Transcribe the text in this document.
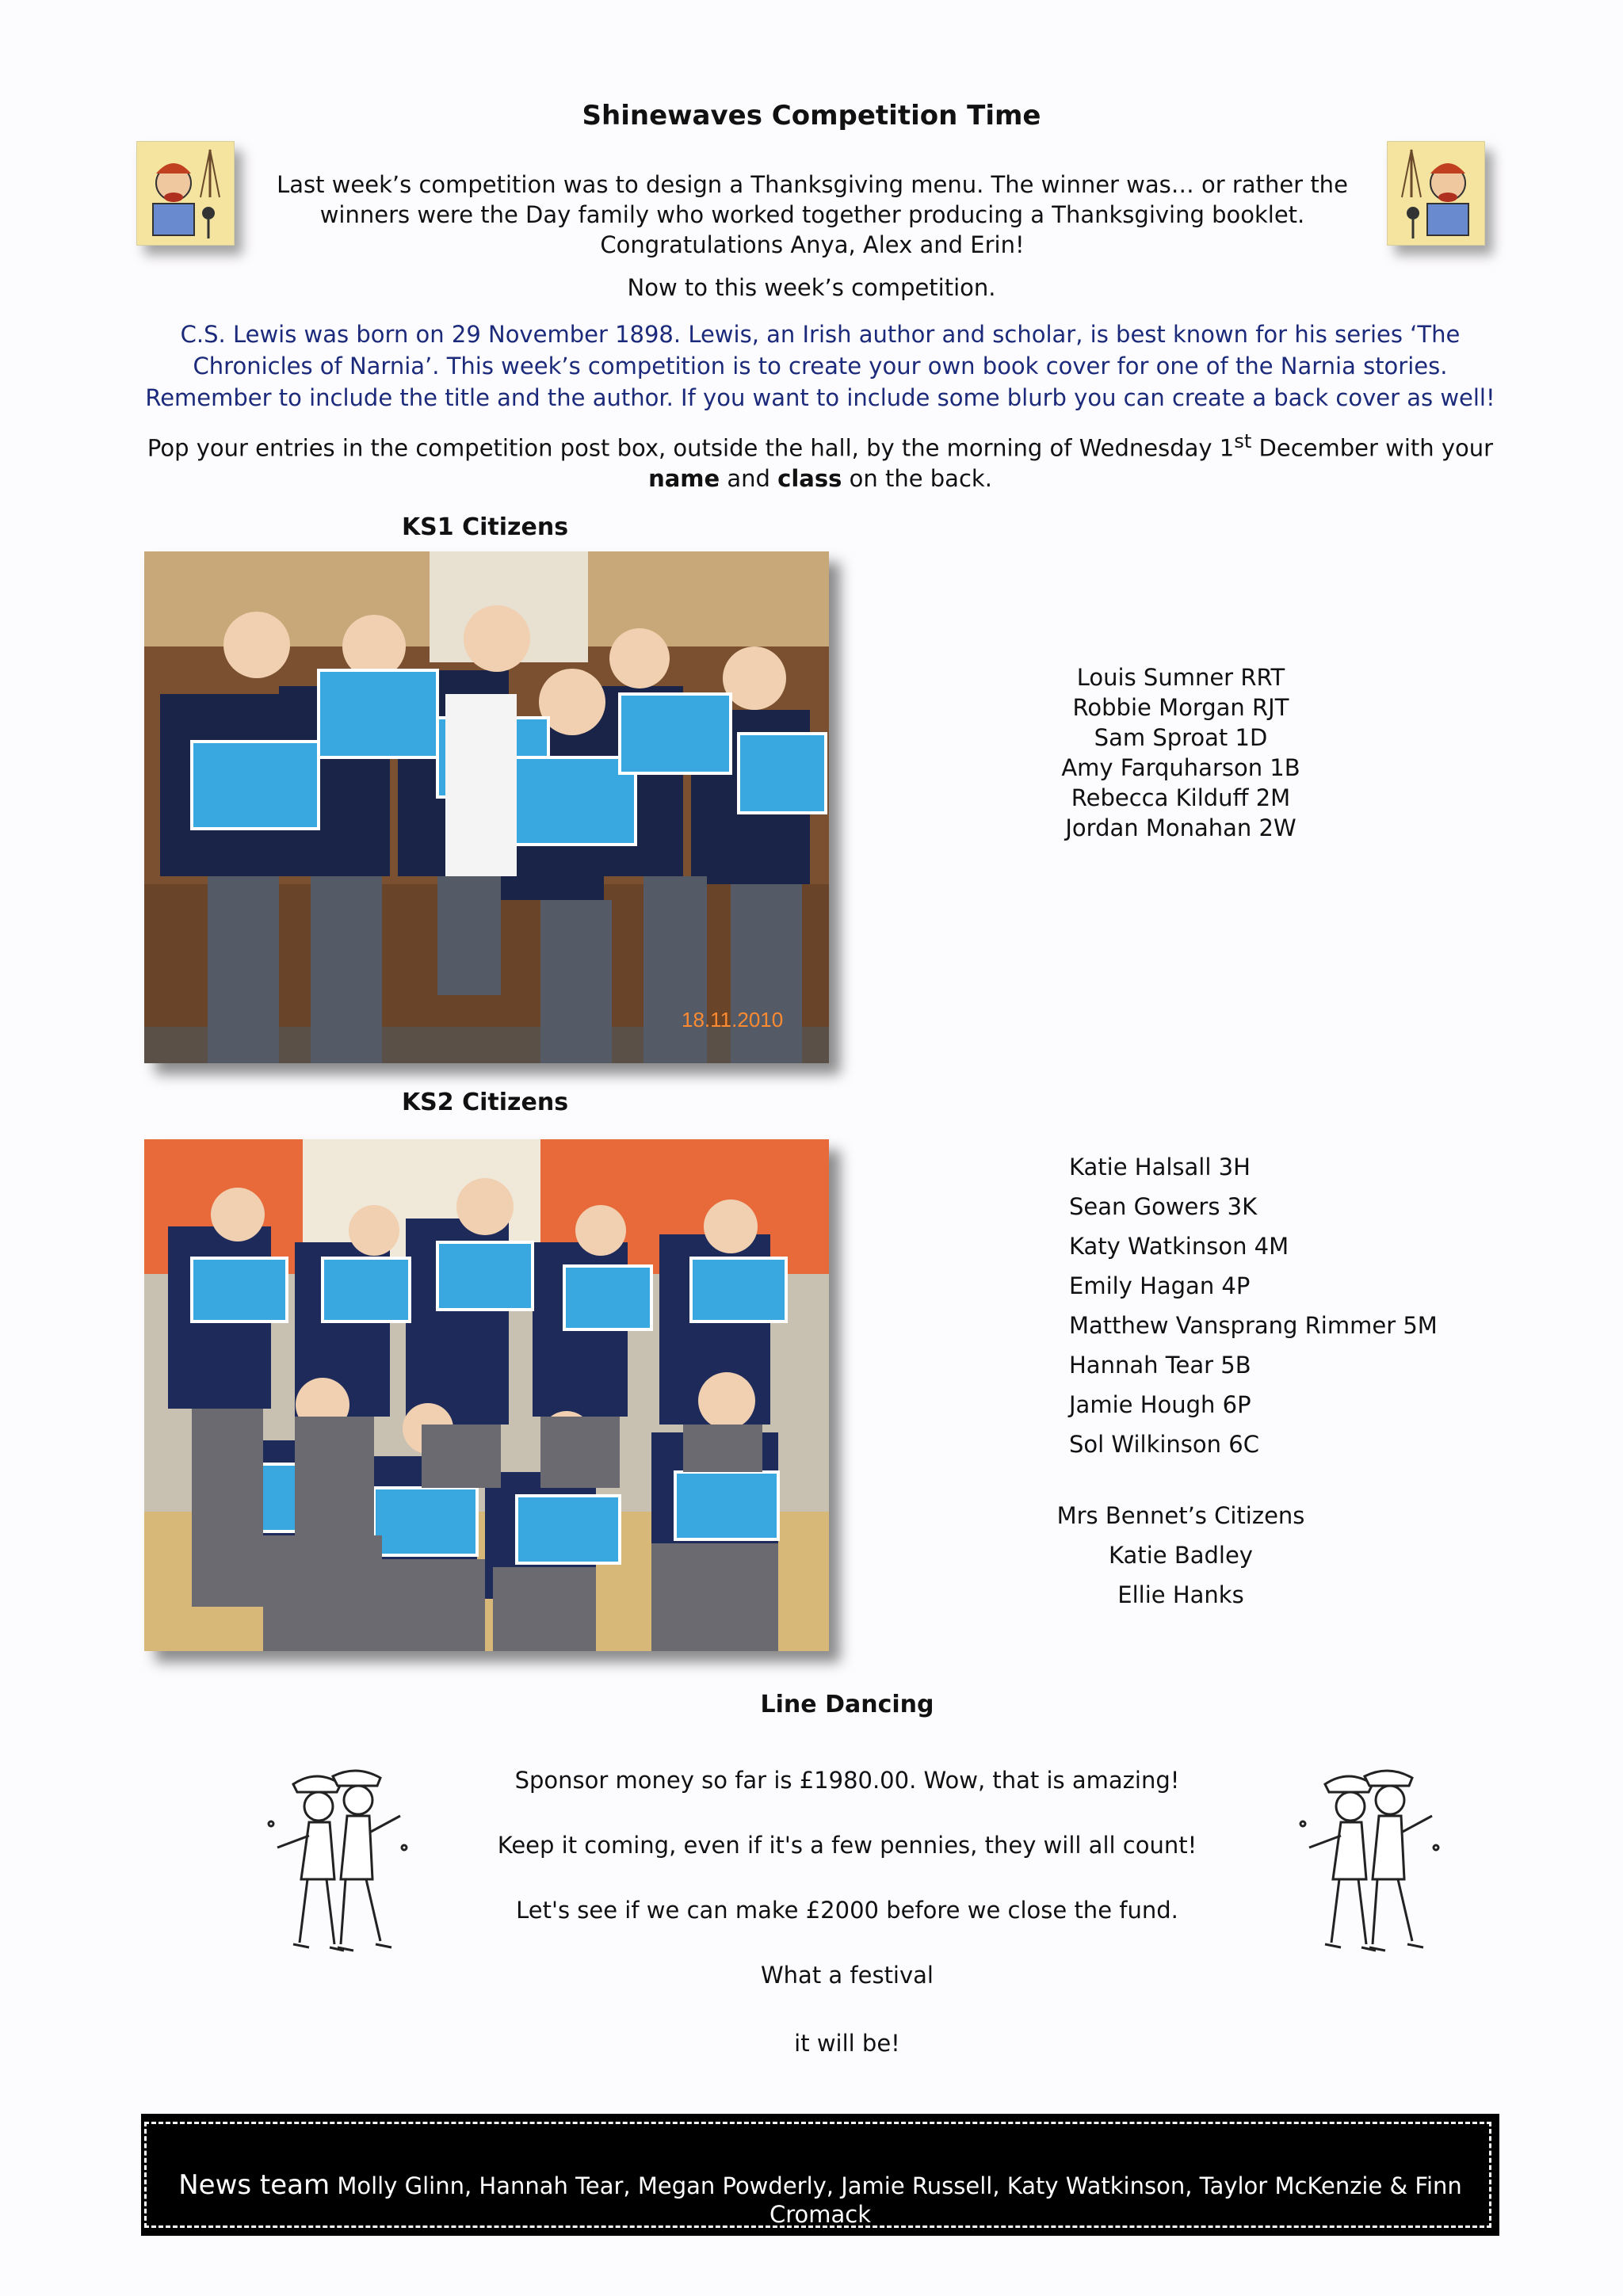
Shinewaves Competition Time
Last week’s competition was to design a Thanksgiving menu. The winner was… or rather the winners were the Day family who worked together producing a Thanksgiving booklet. Congratulations Anya, Alex and Erin!
Now to this week’s competition.
C.S. Lewis was born on 29 November 1898. Lewis, an Irish author and scholar, is best known for his series ‘The Chronicles of Narnia’. This week’s competition is to create your own book cover for one of the Narnia stories. Remember to include the title and the author. If you want to include some blurb you can create a back cover as well!
Pop your entries in the competition post box, outside the hall, by the morning of Wednesday 1st December with your name and class on the back.
KS1 Citizens
18.11.2010
Louis Sumner RRT
Robbie Morgan RJT
Sam Sproat 1D
Amy Farquharson 1B
Rebecca Kilduff 2M
Jordan Monahan 2W
KS2 Citizens
Katie Halsall 3H
Sean Gowers 3K
Katy Watkinson 4M
Emily Hagan 4P
Matthew Vansprang Rimmer 5M
Hannah Tear 5B
Jamie Hough 6P
Sol Wilkinson 6C
Mrs Bennet’s Citizens
Katie Badley
Ellie Hanks
Line Dancing
Sponsor money so far is £1980.00. Wow, that is amazing!
Keep it coming, even if it's a few pennies, they will all count!
Let's see if we can make £2000 before we close the fund.
What a festival
it will be!
News team Molly Glinn, Hannah Tear, Megan Powderly, Jamie Russell, Katy Watkinson, Taylor McKenzie & Finn Cromack
